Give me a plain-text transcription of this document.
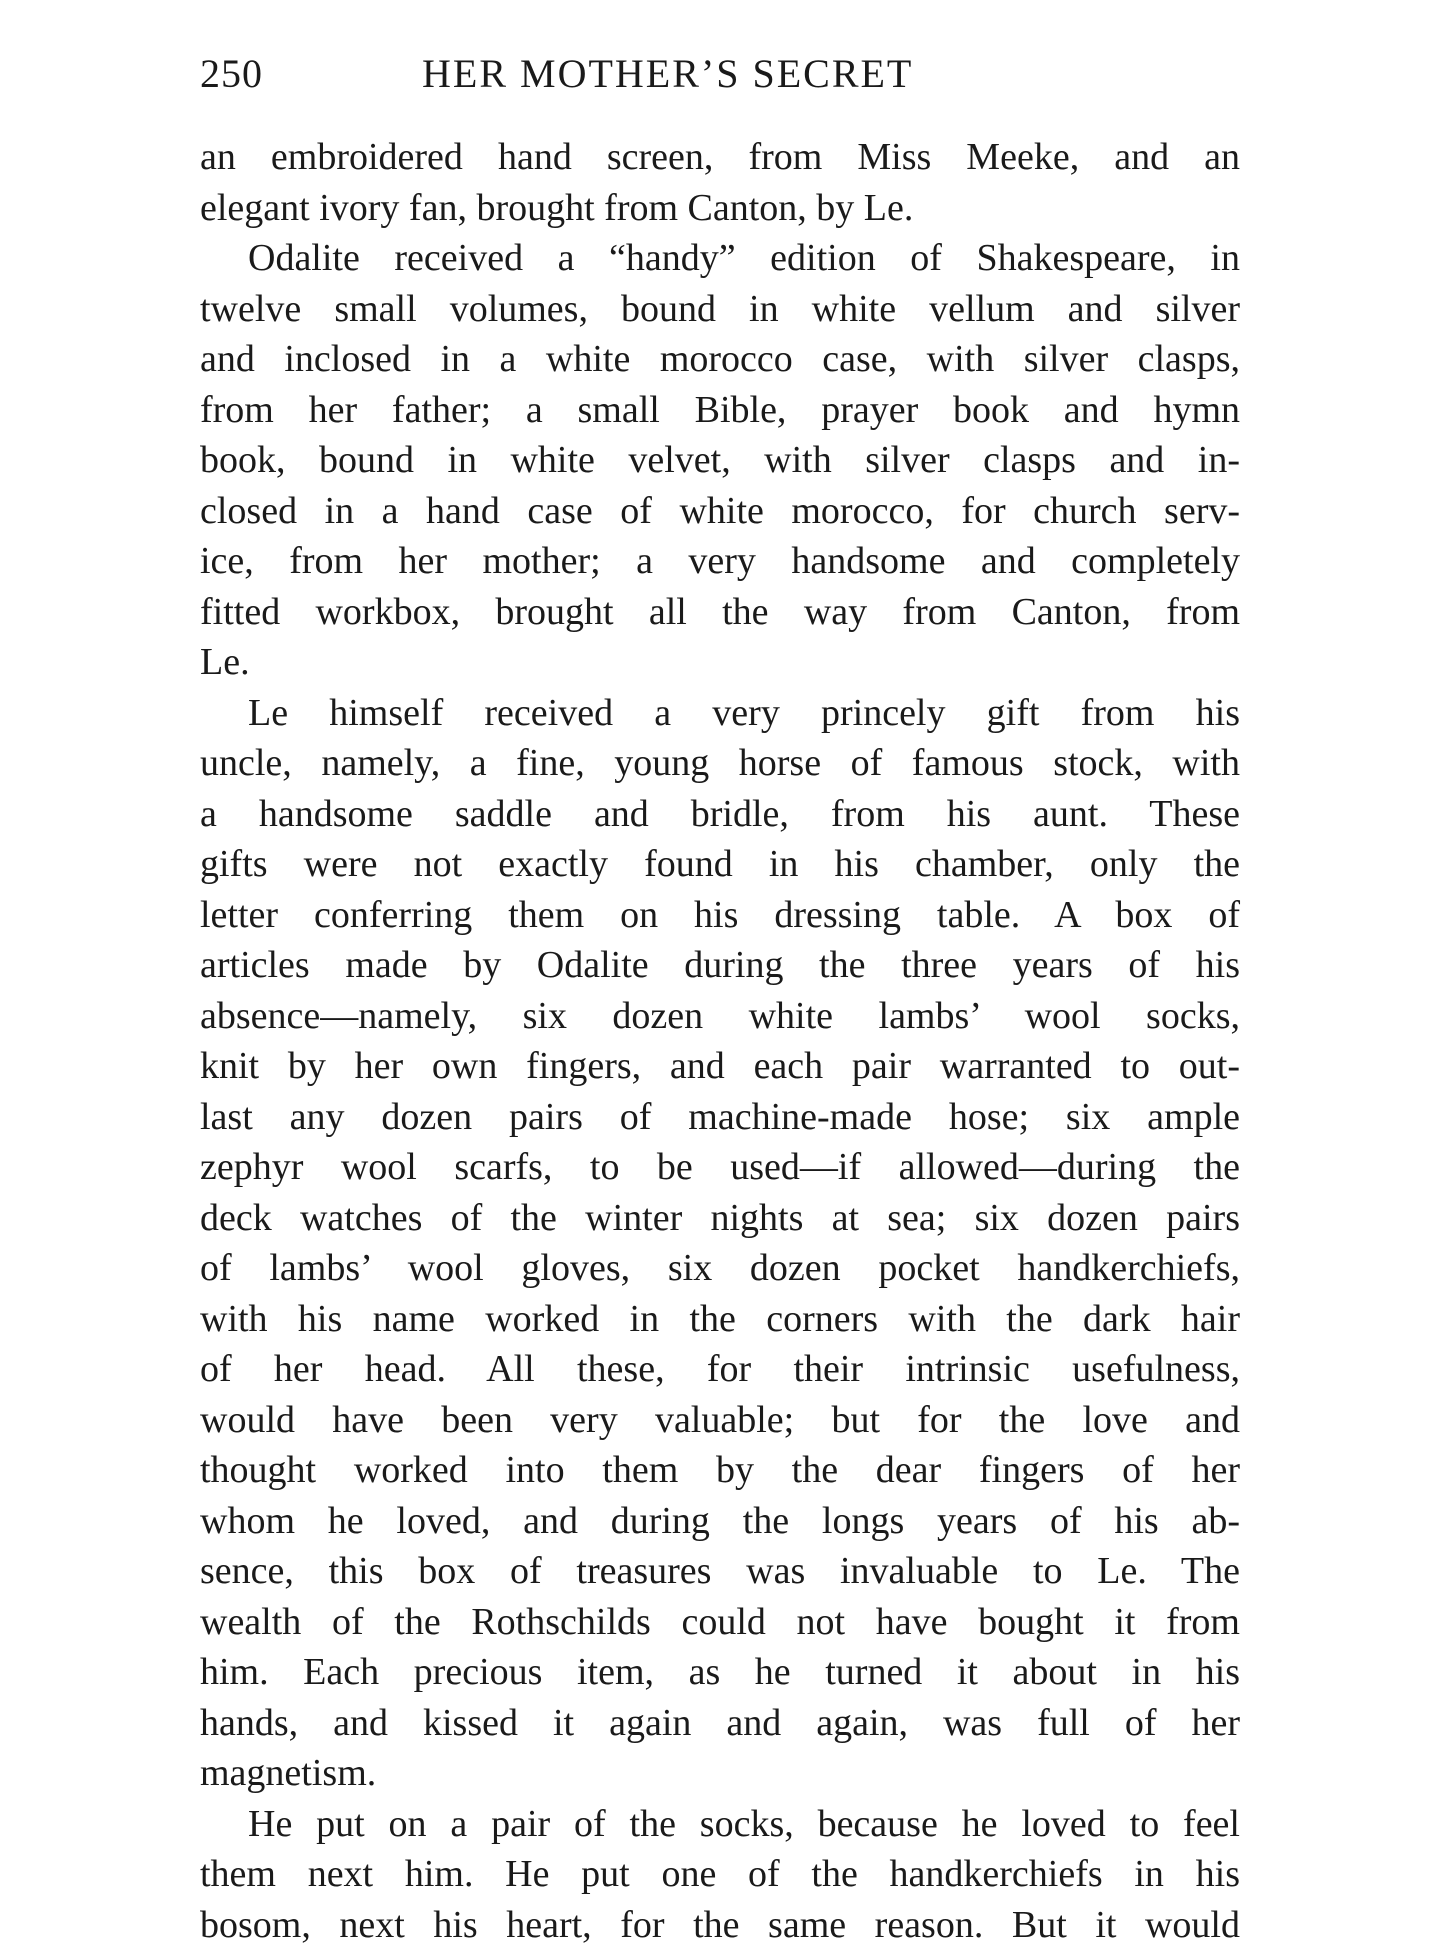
250	HER MOTHER’S SECRET
an embroidered hand screen, from Miss Meeke, and an
elegant ivory fan, brought from Canton, by Le.
Odalite received a “handy” edition of Shakespeare, in
twelve small volumes, bound in white vellum and silver
and inclosed in a white morocco case, with silver clasps,
from her father; a small Bible, prayer book and hymn
book, bound in white velvet, with silver clasps and in-
closed in a hand case of white morocco, for church serv-
ice, from her mother; a very handsome and completely
fitted workbox, brought all the way from Canton, from
Le.
Le himself received a very princely gift from his
uncle, namely, a fine, young horse of famous stock, with
a handsome saddle and bridle, from his aunt. These
gifts were not exactly found in his chamber, only the
letter conferring them on his dressing table. A box of
articles made by Odalite during the three years of his
absence—namely, six dozen white lambs’ wool socks,
knit by her own fingers, and each pair warranted to out-
last any dozen pairs of machine-made hose; six ample
zephyr wool scarfs, to be used—if allowed—during the
deck watches of the winter nights at sea; six dozen pairs
of lambs’ wool gloves, six dozen pocket handkerchiefs,
with his name worked in the corners with the dark hair
of her head. All these, for their intrinsic usefulness,
would have been very valuable; but for the love and
thought worked into them by the dear fingers of her
whom he loved, and during the longs years of his ab-
sence, this box of treasures was invaluable to Le. The
wealth of the Rothschilds could not have bought it from
him. Each precious item, as he turned it about in his
hands, and kissed it again and again, was full of her
magnetism.
He put on a pair of the socks, because he loved to feel
them next him. He put one of the handkerchiefs in his
bosom, next his heart, for the same reason. But it would
